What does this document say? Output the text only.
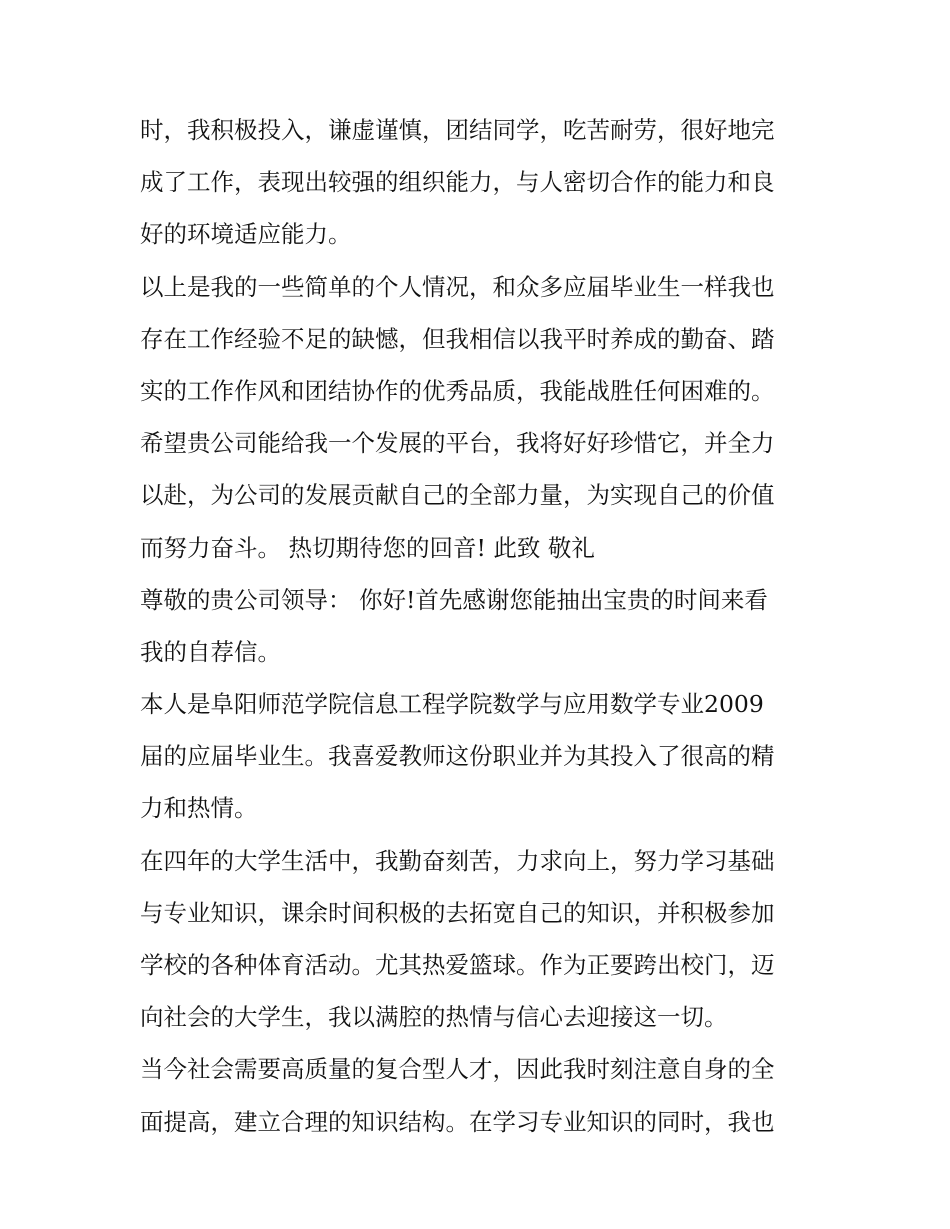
时，我积极投入，谦虚谨慎，团结同学，吃苦耐劳，很好地完
成了工作，表现出较强的组织能力，与人密切合作的能力和良
好的环境适应能力。
以上是我的一些简单的个人情况，和众多应届毕业生一样我也
存在工作经验不足的缺憾，但我相信以我平时养成的勤奋、踏
实的工作作风和团结协作的优秀品质，我能战胜任何困难的。
希望贵公司能给我一个发展的平台，我将好好珍惜它，并全力
以赴，为公司的发展贡献自己的全部力量，为实现自己的价值
而努力奋斗。 热切期待您的回音! 此致 敬礼
尊敬的贵公司领导： 你好!首先感谢您能抽出宝贵的时间来看
我的自荐信。
本人是阜阳师范学院信息工程学院数学与应用数学专业2009
届的应届毕业生。我喜爱教师这份职业并为其投入了很高的精
力和热情。
在四年的大学生活中，我勤奋刻苦，力求向上，努力学习基础
与专业知识，课余时间积极的去拓宽自己的知识，并积极参加
学校的各种体育活动。尤其热爱篮球。作为正要跨出校门，迈
向社会的大学生，我以满腔的热情与信心去迎接这一切。
当今社会需要高质量的复合型人才，因此我时刻注意自身的全
面提高，建立合理的知识结构。在学习专业知识的同时，我也
